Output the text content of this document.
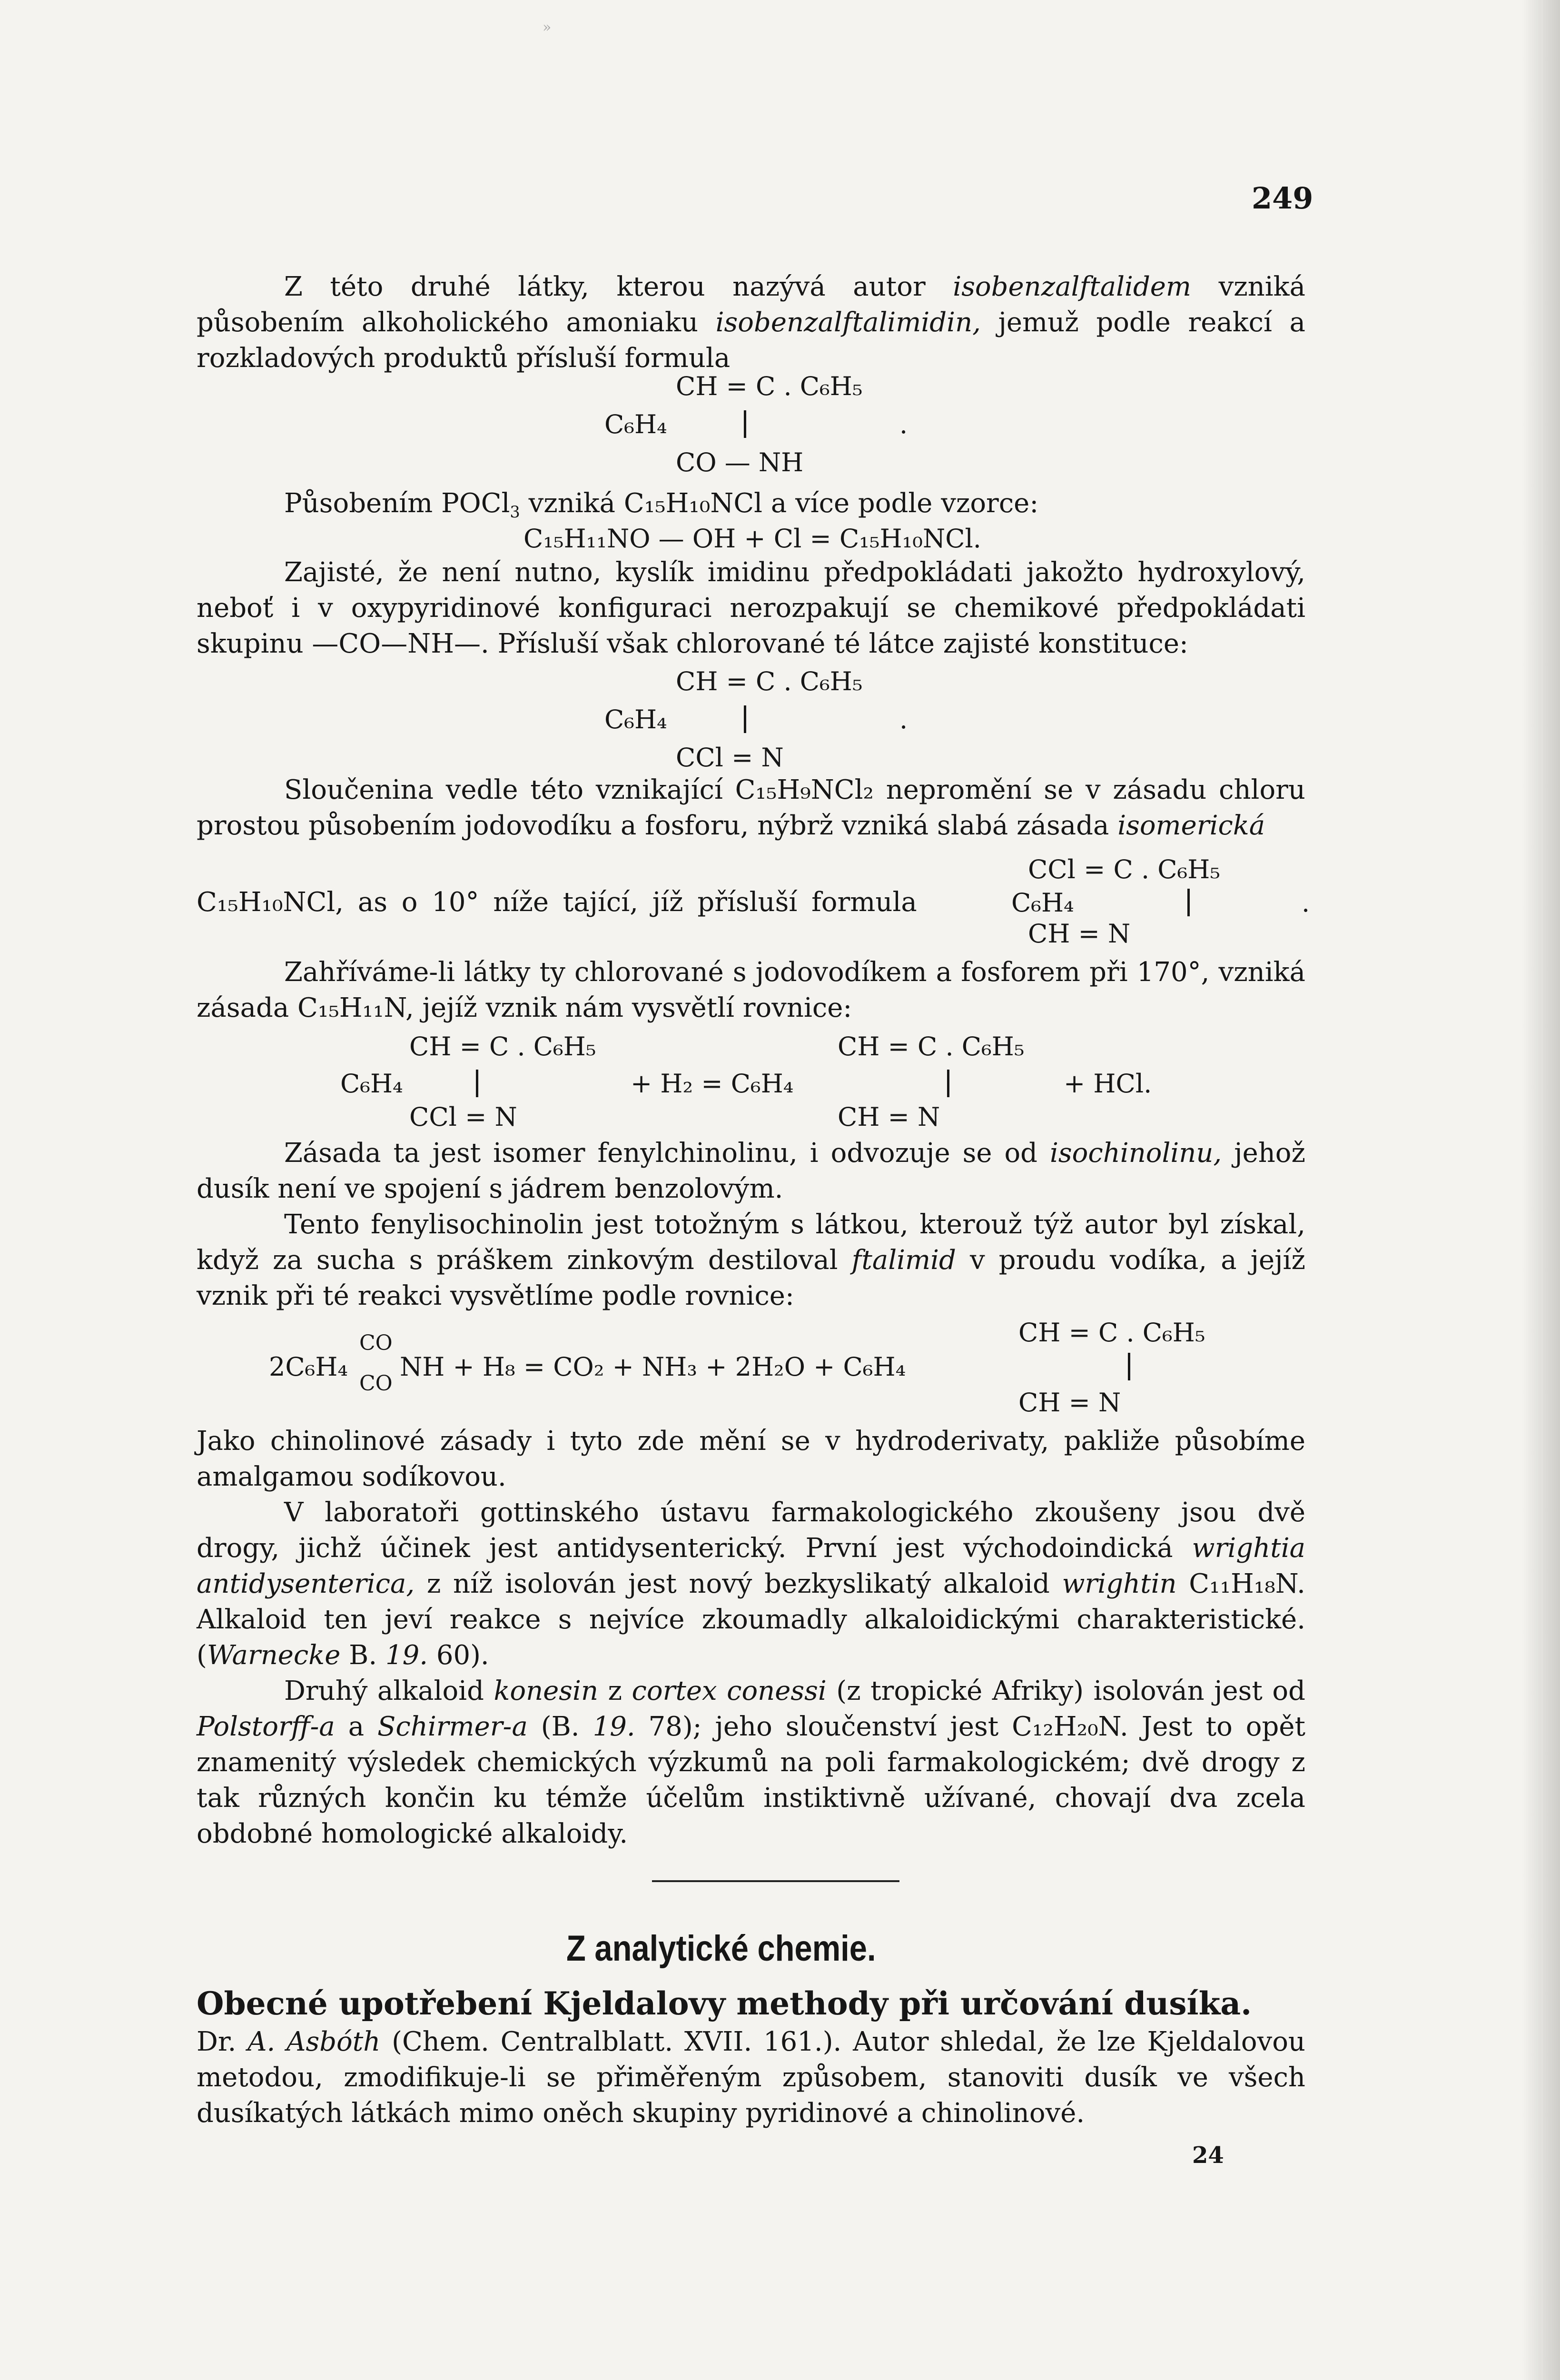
»
249

Z této druhé látky, kterou nazývá autor isobenzalftalidem vzniká působením alkoholického amoniaku isobenzalftalimidin, jemuž podle reakcí a rozkladových produktů přísluší formula

CH = C . C₆H₅
C₆H₄	.
CO — NH

Působením POCl$_3$ vzniká C₁₅H₁₀NCl a více podle vzorce:

C₁₅H₁₁NO — OH + Cl = C₁₅H₁₀NCl.

Zajisté, že není nutno, kyslík imidinu předpokládati jakožto hydroxylový, neboť i v oxypyridinové konfiguraci nerozpakují se chemikové předpokládati skupinu —CO—NH—. Přísluší však chlorované té látce zajisté konstituce:

CH = C . C₆H₅
C₆H₄	.
CCl = N

Sloučenina vedle této vznikající C₁₅H₉NCl₂ nepromění se v zásadu chloru prostou působením jodovodíku a fosforu, nýbrž vzniká slabá zásada isomerická

CCl = C . C₆H₅

C₁₅H₁₀NCl, as o 10° níže tající, jíž přísluší formula	C₆H₄	.
CH = N

Zahříváme-li látky ty chlorované s jodovodíkem a fosforem při 170°, vzniká zásada C₁₅H₁₁N, jejíž vznik nám vysvětlí rovnice:

CH = C . C₆H₅	CH = C . C₆H₅
C₆H₄	+ H₂ = C₆H₄	+ HCl.
CCl = N	CH = N

Zásada ta jest isomer fenylchinolinu, i odvozuje se od isochinolinu, jehož dusík není ve spojení s jádrem benzolovým.

Tento fenylisochinolin jest totožným s látkou, kterouž týž autor byl získal, když za sucha s práškem zinkovým destiloval ftalimid v proudu vodíka, a jejíž vznik při té reakci vysvětlíme podle rovnice:

CH = C . C₆H₅
CO
2C₆H₄ NH + H₈ = CO₂ + NH₃ + 2H₂O + C₆H₄
CO
CH = N

Jako chinolinové zásady i tyto zde mění se v hydroderivaty, pakliže působíme amalgamou sodíkovou.

V laboratoři gottinského ústavu farmakologického zkoušeny jsou dvě drogy, jichž účinek jest antidysenterický. První jest východoindická wrightia antidysenterica, z níž isolován jest nový bezkyslikatý alkaloid wrightin C₁₁H₁₈N. Alkaloid ten jeví reakce s nejvíce zkoumadly alkaloidickými charakteristické. (Warnecke B. 19. 60).

Druhý alkaloid konesin z cortex conessi (z tropické Afriky) isolován jest od Polstorff-a a Schirmer-a (B. 19. 78); jeho sloučenství jest C₁₂H₂₀N. Jest to opět znamenitý výsledek chemických výzkumů na poli farmakologickém; dvě drogy z tak různých končin ku témže účelům instiktivně užívané, chovají dva zcela obdobné homologické alkaloidy.

Z analytické chemie.

Obecné upotřebení Kjeldalovy methody při určování dusíka.

Dr. A. Asbóth (Chem. Centralblatt. XVII. 161.). Autor shledal, že lze Kjeldalovou metodou, zmodifikuje-li se přiměřeným způsobem, stanoviti dusík ve všech dusíkatých látkách mimo oněch skupiny pyridinové a chinolinové.

24
